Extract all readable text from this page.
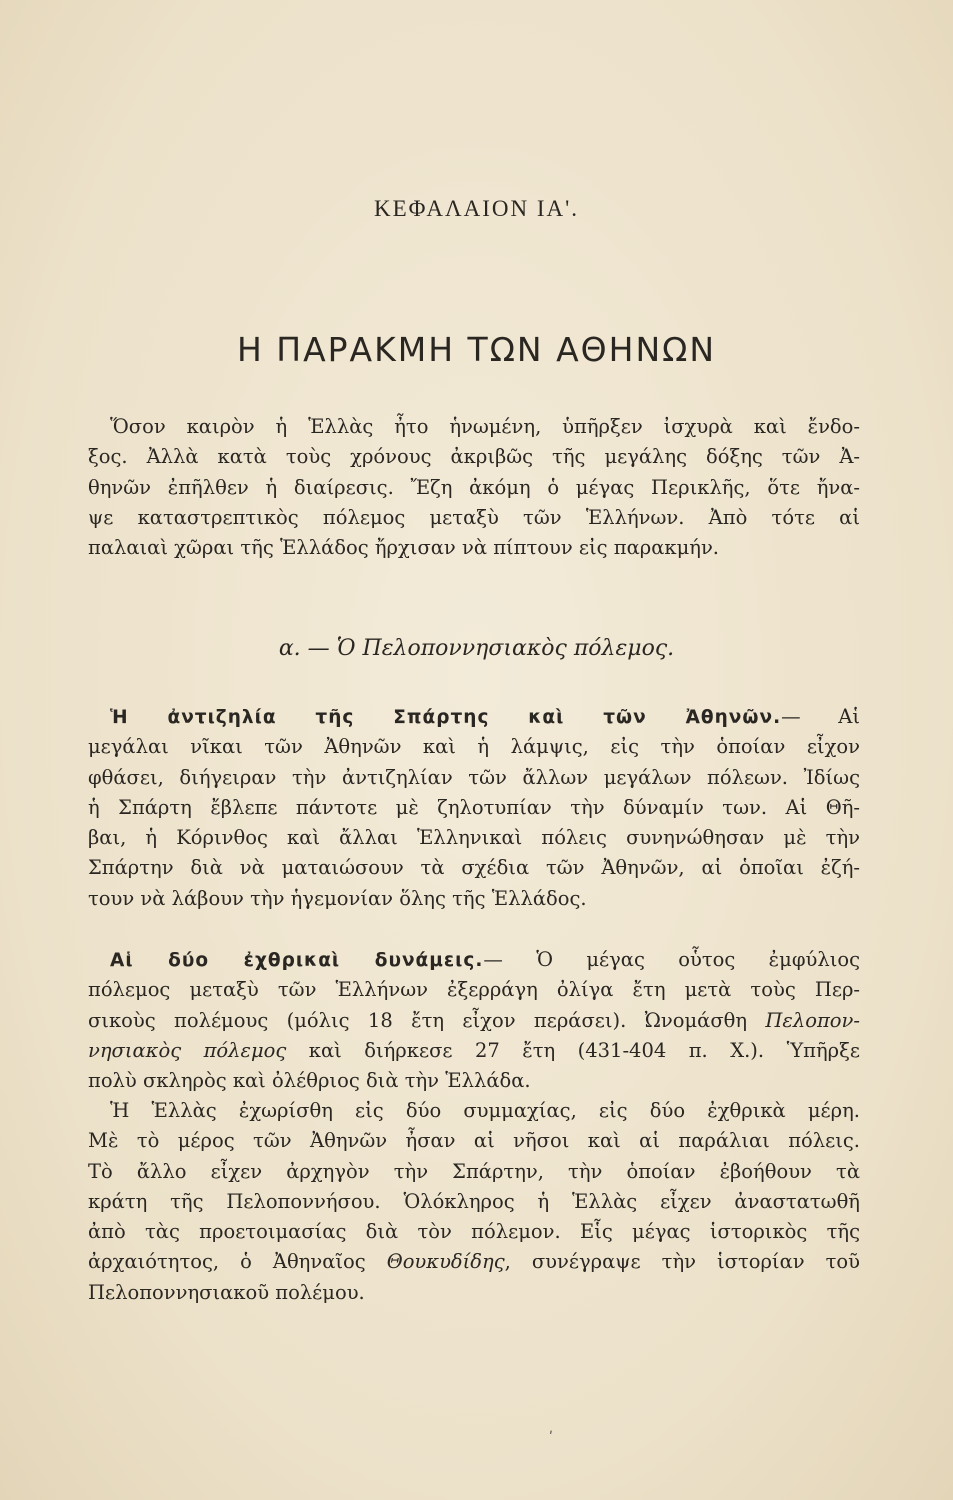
ΚΕΦΑΛΑΙΟΝ ΙΑ'.
Η ΠΑΡΑΚΜΗ ΤΩΝ ΑΘΗΝΩΝ
Ὅσον καιρὸν ἡ Ἑλλὰς ἦτο ἡνωμένη, ὑπῆρξεν ἰσχυρὰ καὶ ἔνδο-
ξος. Ἀλλὰ κατὰ τοὺς χρόνους ἀκριβῶς τῆς μεγάλης δόξης τῶν Ἀ-
θηνῶν ἐπῆλθεν ἡ διαίρεσις. Ἔζη ἀκόμη ὁ μέγας Περικλῆς, ὅτε ἤνα-
ψε καταστρεπτικὸς πόλεμος μεταξὺ τῶν Ἑλλήνων. Ἀπὸ τότε αἱ
παλαιαὶ χῶραι τῆς Ἑλλάδος ἤρχισαν νὰ πίπτουν εἰς παρακμήν.
α. — Ὁ Πελοποννησιακὸς πόλεμος.
Ἡ ἀντιζηλία τῆς Σπάρτης καὶ τῶν Ἀθηνῶν.— Αἱ
μεγάλαι νῖκαι τῶν Ἀθηνῶν καὶ ἡ λάμψις, εἰς τὴν ὁποίαν εἶχον
φθάσει, διήγειραν τὴν ἀντιζηλίαν τῶν ἄλλων μεγάλων πόλεων. Ἰδίως
ἡ Σπάρτη ἔβλεπε πάντοτε μὲ ζηλοτυπίαν τὴν δύναμίν των. Αἱ Θῆ-
βαι, ἡ Κόρινθος καὶ ἄλλαι Ἑλληνικαὶ πόλεις συνηνώθησαν μὲ τὴν
Σπάρτην διὰ νὰ ματαιώσουν τὰ σχέδια τῶν Ἀθηνῶν, αἱ ὁποῖαι ἐζή-
τουν νὰ λάβουν τὴν ἡγεμονίαν ὅλης τῆς Ἑλλάδος.
Αἱ δύο ἐχθρικαὶ δυνάμεις.— Ὁ μέγας οὗτος ἐμφύλιος
πόλεμος μεταξὺ τῶν Ἑλλήνων ἐξερράγη ὀλίγα ἔτη μετὰ τοὺς Περ-
σικοὺς πολέμους (μόλις 18 ἔτη εἶχον περάσει). Ὠνομάσθη Πελοπον-
νησιακὸς πόλεμος καὶ διήρκεσε 27 ἔτη (431-404 π. Χ.). Ὑπῆρξε
πολὺ σκληρὸς καὶ ὀλέθριος διὰ τὴν Ἑλλάδα.
Ἡ Ἑλλὰς ἐχωρίσθη εἰς δύο συμμαχίας, εἰς δύο ἐχθρικὰ μέρη.
Μὲ τὸ μέρος τῶν Ἀθηνῶν ἦσαν αἱ νῆσοι καὶ αἱ παράλιαι πόλεις.
Τὸ ἄλλο εἶχεν ἀρχηγὸν τὴν Σπάρτην, τὴν ὁποίαν ἐβοήθουν τὰ
κράτη τῆς Πελοποννήσου. Ὁλόκληρος ἡ Ἑλλὰς εἶχεν ἀναστατωθῆ
ἀπὸ τὰς προετοιμασίας διὰ τὸν πόλεμον. Εἷς μέγας ἱστορικὸς τῆς
ἀρχαιότητος, ὁ Ἀθηναῖος Θουκυδίδης, συνέγραψε τὴν ἱστορίαν τοῦ
Πελοποννησιακοῦ πολέμου.
ʹ
